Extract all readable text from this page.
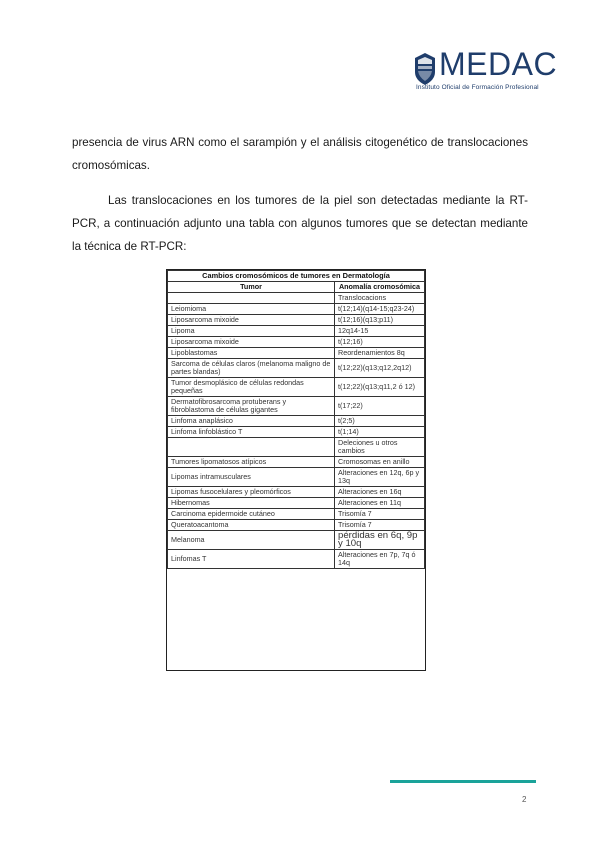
MEDAC
Instituto Oficial de Formación Profesional
presencia de virus ARN como el sarampión y el análisis citogenético de translocaciones cromosómicas.
Las translocaciones en los tumores de la piel son detectadas mediante la RT-PCR, a continuación adjunto una tabla con algunos tumores que se detectan mediante la técnica de RT-PCR:
Cambios cromosómicos de tumores en Dermatología	
Tumor	Anomalía cromosómica
	Translocacions
Leiomioma	t(12;14)(q14-15;q23-24)
Liposarcoma mixoide	t(12;16)(q13;p11)
Lipoma	12q14-15
Liposarcoma mixoide	t(12;16)
Lipoblastomas	Reordenamientos 8q
Sarcoma de células claros (melanoma maligno de partes blandas)	t(12;22)(q13;q12,2q12)
Tumor desmoplásico de células redondas pequeñas	t(12;22)(q13;q11,2 ó 12)
Dermatofibrosarcoma protuberans y fibroblastoma de células gigantes	t(17;22)
Linfoma anaplásico	t(2;5)
Linfoma linfoblástico T	t(1;14)
	Deleciones u otros cambios
Tumores lipomatosos atípicos	Cromosomas en anillo
Lipomas intramusculares	Alteraciones en 12q, 6p y 13q
Lipomas fusocelulares y pleomórficos	Alteraciones en 16q
Hibernomas	Alteraciones en 11q
Carcinoma epidermoide cutáneo	Trisomía 7
Queratoacantoma	Trisomía 7
Melanoma	pérdidas en 6q, 9p y 10q
Linfomas T	Alteraciones en 7p, 7q ó 14q
2
